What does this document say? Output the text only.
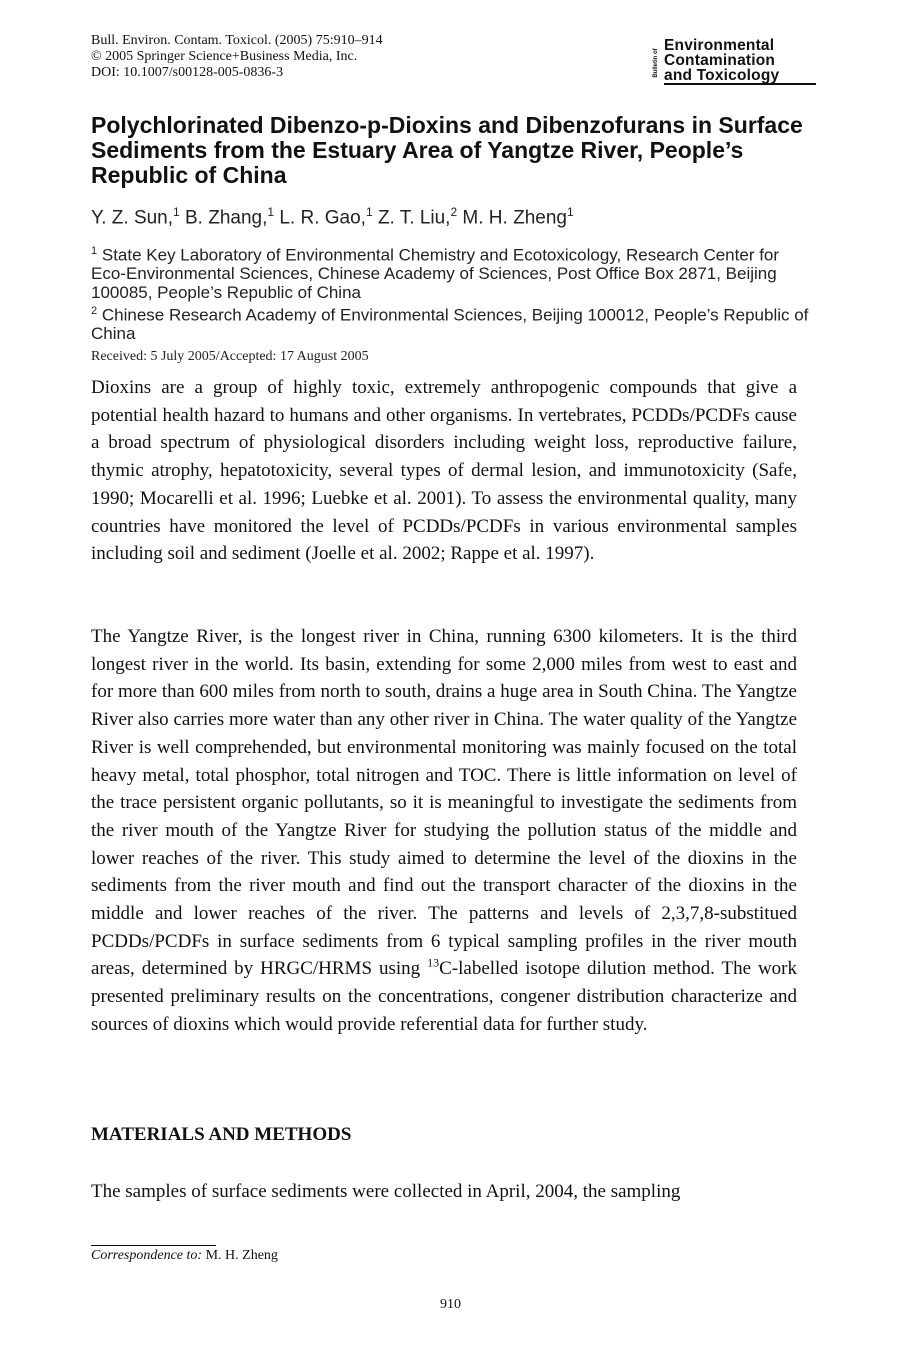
Bull. Environ. Contam. Toxicol. (2005) 75:910–914
© 2005 Springer Science+Business Media, Inc.
DOI: 10.1007/s00128-005-0836-3	Bulletin of
Environmental
Contamination
and Toxicology
Polychlorinated Dibenzo-p-Dioxins and Dibenzofurans in Surface Sediments from the Estuary Area of Yangtze River, People’s Republic of China
Y. Z. Sun,$^1$ B. Zhang,$^1$ L. R. Gao,$^1$ Z. T. Liu,$^2$ M. H. Zheng$^1$

$^1$ State Key Laboratory of Environmental Chemistry and Ecotoxicology, Research Center for Eco-Environmental Sciences, Chinese Academy of Sciences, Post Office Box 2871, Beijing 100085, People’s Republic of China

$^2$ Chinese Research Academy of Environmental Sciences, Beijing 100012, People’s Republic of China

Received: 5 July 2005/Accepted: 17 August 2005

Dioxins are a group of highly toxic, extremely anthropogenic compounds that give a potential health hazard to humans and other organisms. In vertebrates, PCDDs/PCDFs cause a broad spectrum of physiological disorders including weight loss, reproductive failure, thymic atrophy, hepatotoxicity, several types of dermal lesion, and immunotoxicity (Safe, 1990; Mocarelli et al. 1996; Luebke et al. 2001). To assess the environmental quality, many countries have monitored the level of PCDDs/PCDFs in various environmental samples including soil and sediment (Joelle et al. 2002; Rappe et al. 1997).

The Yangtze River, is the longest river in China, running 6300 kilometers. It is the third longest river in the world. Its basin, extending for some 2,000 miles from west to east and for more than 600 miles from north to south, drains a huge area in South China. The Yangtze River also carries more water than any other river in China. The water quality of the Yangtze River is well comprehended, but environmental monitoring was mainly focused on the total heavy metal, total phosphor, total nitrogen and TOC. There is little information on level of the trace persistent organic pollutants, so it is meaningful to investigate the sediments from the river mouth of the Yangtze River for studying the pollution status of the middle and lower reaches of the river. This study aimed to determine the level of the dioxins in the sediments from the river mouth and find out the transport character of the dioxins in the middle and lower reaches of the river. The patterns and levels of 2,3,7,8-substitued PCDDs/PCDFs in surface sediments from 6 typical sampling profiles in the river mouth areas, determined by HRGC/HRMS using $^{13}$C-labelled isotope dilution method. The work presented preliminary results on the concentrations, congener distribution characterize and sources of dioxins which would provide referential data for further study.

MATERIALS AND METHODS

The samples of surface sediments were collected in April, 2004, the sampling

Correspondence to: M. H. Zheng
910
